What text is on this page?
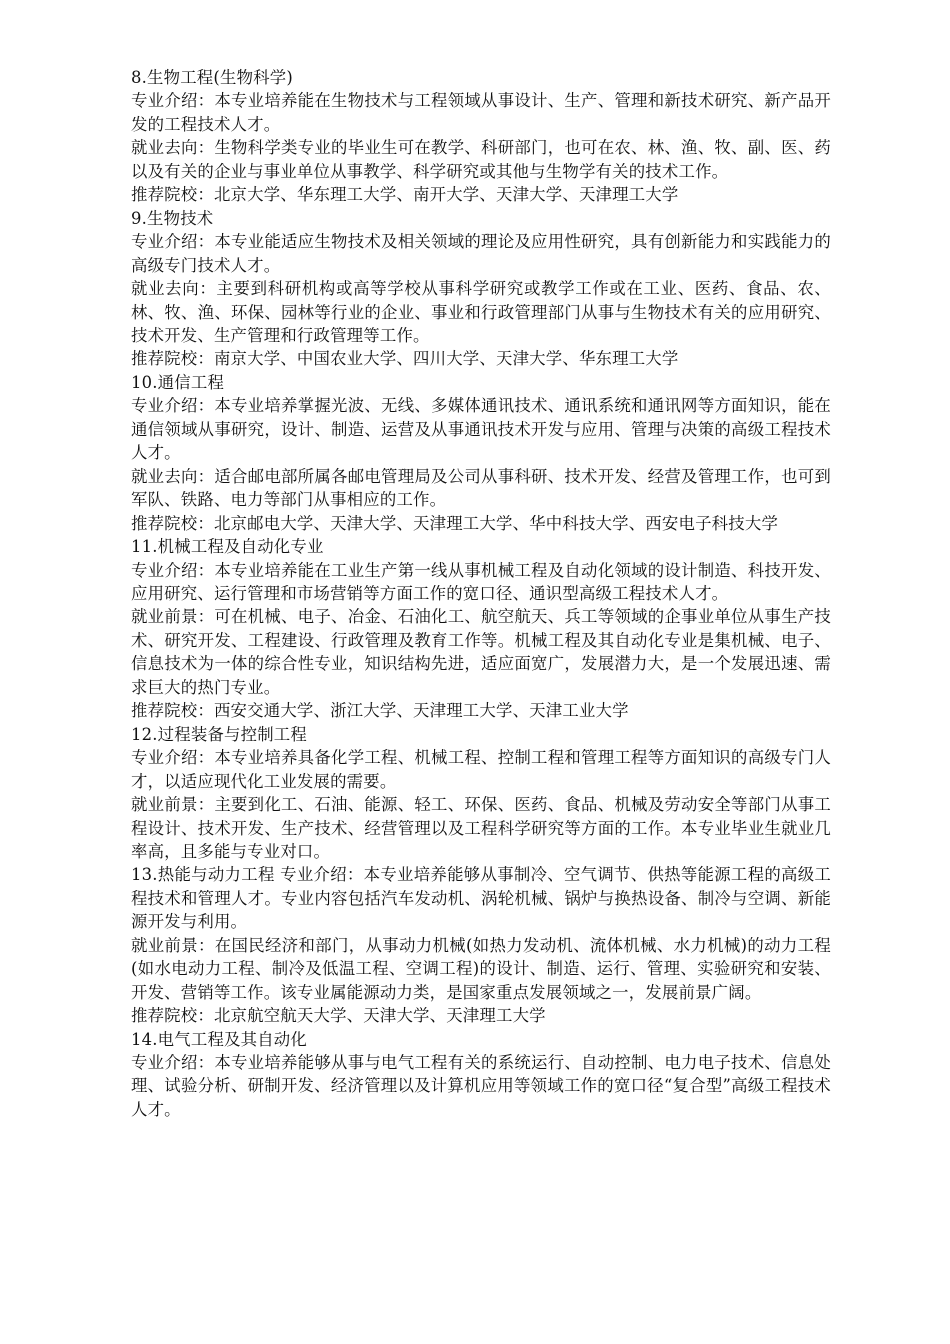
8.生物工程(生物科学)

专业介绍：本专业培养能在生物技术与工程领域从事设计、生产、管理和新技术研究、新产品开发的工程技术人才。

就业去向：生物科学类专业的毕业生可在教学、科研部门，也可在农、林、渔、牧、副、医、药以及有关的企业与事业单位从事教学、科学研究或其他与生物学有关的技术工作。

推荐院校：北京大学、华东理工大学、南开大学、天津大学、天津理工大学

9.生物技术

专业介绍：本专业能适应生物技术及相关领域的理论及应用性研究，具有创新能力和实践能力的高级专门技术人才。

就业去向：主要到科研机构或高等学校从事科学研究或教学工作或在工业、医药、食品、农、林、牧、渔、环保、园林等行业的企业、事业和行政管理部门从事与生物技术有关的应用研究、技术开发、生产管理和行政管理等工作。

推荐院校：南京大学、中国农业大学、四川大学、天津大学、华东理工大学

10.通信工程

专业介绍：本专业培养掌握光波、无线、多媒体通讯技术、通讯系统和通讯网等方面知识，能在通信领域从事研究，设计、制造、运营及从事通讯技术开发与应用、管理与决策的高级工程技术人才。

就业去向：适合邮电部所属各邮电管理局及公司从事科研、技术开发、经营及管理工作，也可到军队、铁路、电力等部门从事相应的工作。

推荐院校：北京邮电大学、天津大学、天津理工大学、华中科技大学、西安电子科技大学

11.机械工程及自动化专业

专业介绍：本专业培养能在工业生产第一线从事机械工程及自动化领域的设计制造、科技开发、应用研究、运行管理和市场营销等方面工作的宽口径、通识型高级工程技术人才。

就业前景：可在机械、电子、冶金、石油化工、航空航天、兵工等领域的企事业单位从事生产技术、研究开发、工程建设、行政管理及教育工作等。机械工程及其自动化专业是集机械、电子、信息技术为一体的综合性专业，知识结构先进，适应面宽广，发展潜力大，是一个发展迅速、需求巨大的热门专业。

推荐院校：西安交通大学、浙江大学、天津理工大学、天津工业大学

12.过程装备与控制工程

专业介绍：本专业培养具备化学工程、机械工程、控制工程和管理工程等方面知识的高级专门人才，以适应现代化工业发展的需要。

就业前景：主要到化工、石油、能源、轻工、环保、医药、食品、机械及劳动安全等部门从事工程设计、技术开发、生产技术、经营管理以及工程科学研究等方面的工作。本专业毕业生就业几率高，且多能与专业对口。

13.热能与动力工程 专业介绍：本专业培养能够从事制冷、空气调节、供热等能源工程的高级工程技术和管理人才。专业内容包括汽车发动机、涡轮机械、锅炉与换热设备、制冷与空调、新能源开发与利用。

就业前景：在国民经济和部门，从事动力机械(如热力发动机、流体机械、水力机械)的动力工程(如水电动力工程、制冷及低温工程、空调工程)的设计、制造、运行、管理、实验研究和安装、开发、营销等工作。该专业属能源动力类，是国家重点发展领域之一，发展前景广阔。

推荐院校：北京航空航天大学、天津大学、天津理工大学

14.电气工程及其自动化

专业介绍：本专业培养能够从事与电气工程有关的系统运行、自动控制、电力电子技术、信息处理、试验分析、研制开发、经济管理以及计算机应用等领域工作的宽口径“复合型”高级工程技术人才。
